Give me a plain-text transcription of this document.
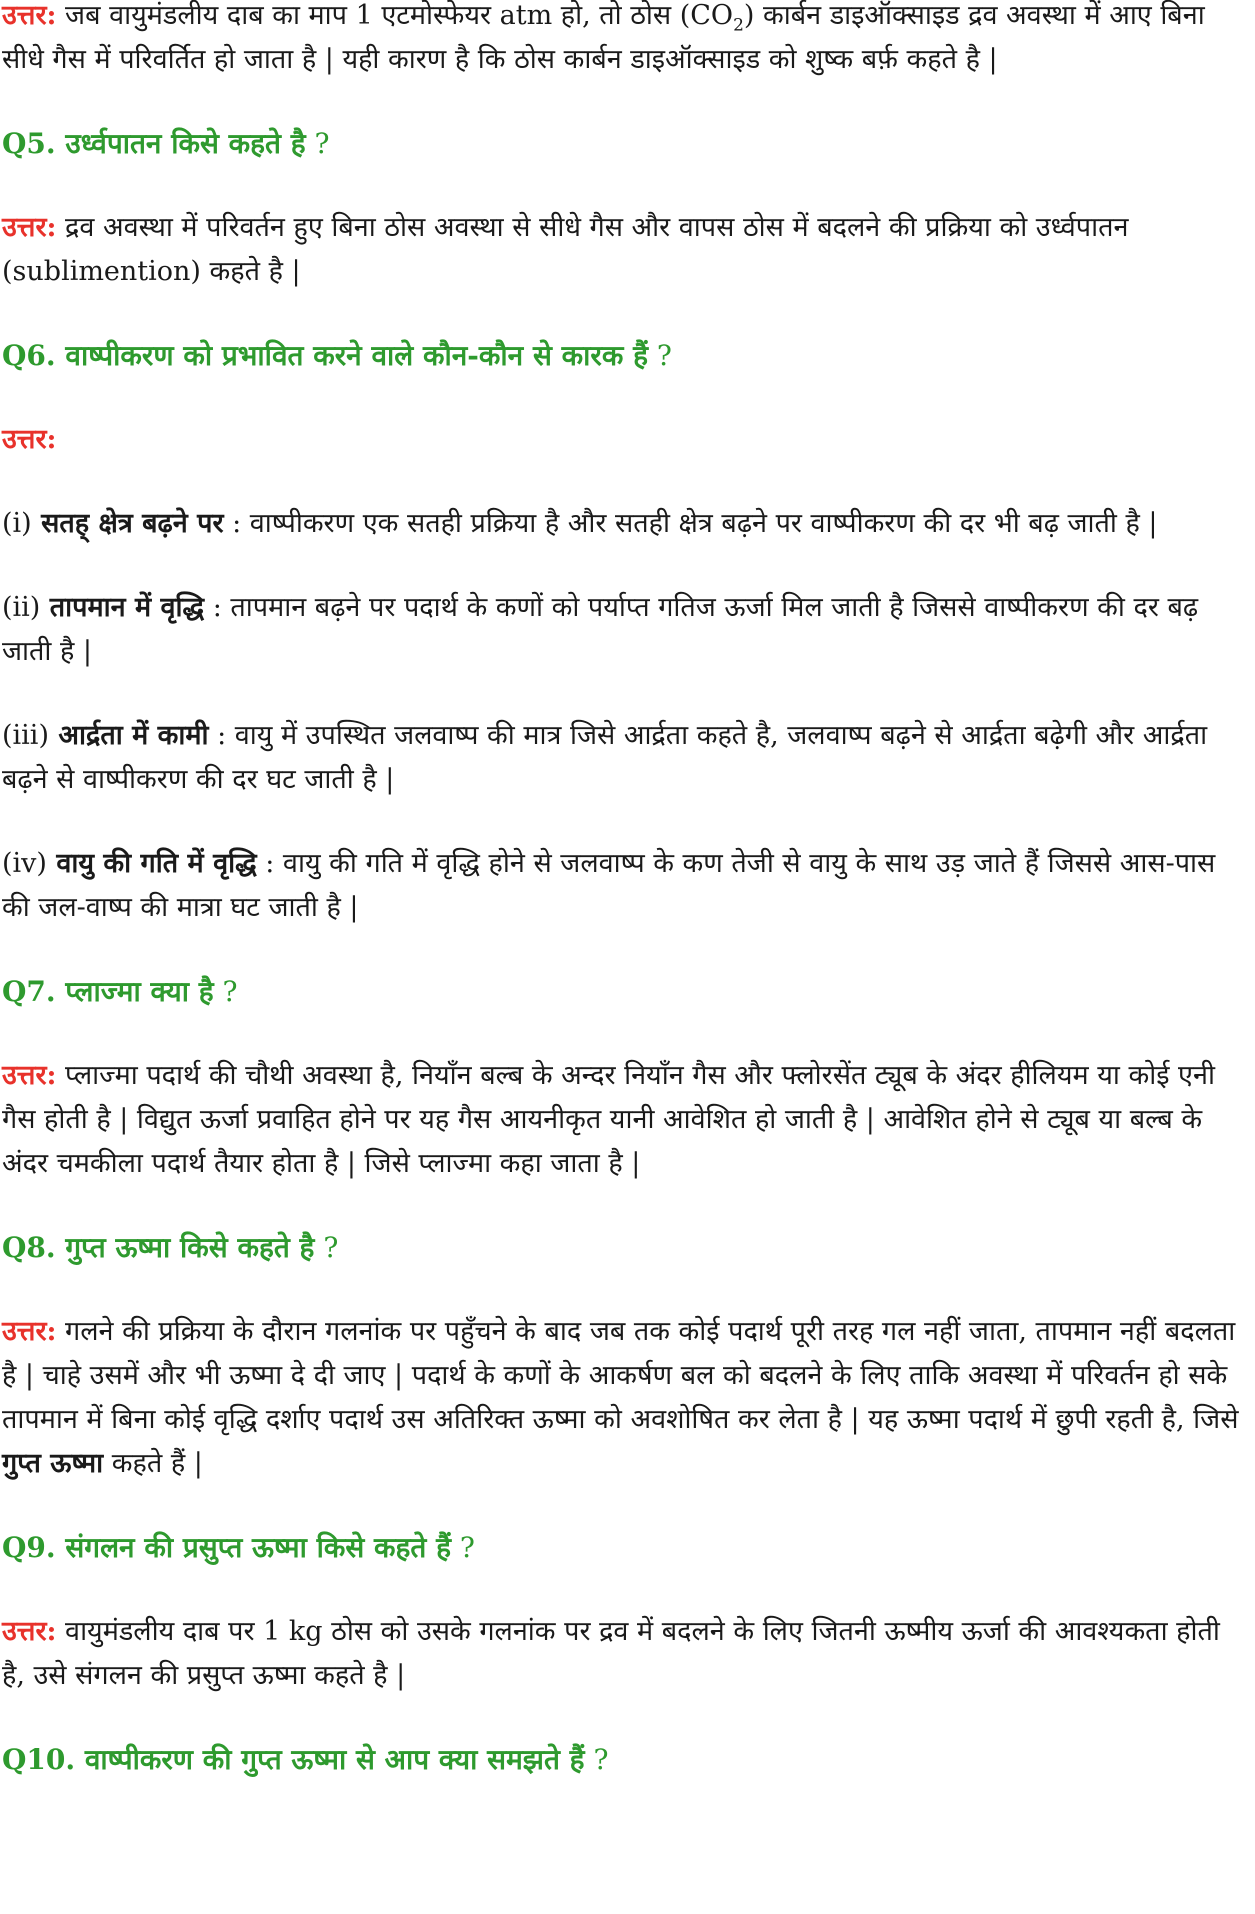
उत्तर: जब वायुमंडलीय दाब का माप 1 एटमोस्फेयर atm हो, तो ठोस $(CO_2)$ कार्बन डाइऑक्साइड द्रव अवस्था में आए बिना सीधे गैस में परिवर्तित हो जाता है | यही कारण है कि ठोस कार्बन डाइऑक्साइड को शुष्क बर्फ़ कहते है |

Q5. उर्ध्वपातन किसे कहते है ?

उत्तर: द्रव अवस्था में परिवर्तन हुए बिना ठोस अवस्था से सीधे गैस और वापस ठोस में बदलने की प्रक्रिया को उर्ध्वपातन (sublimention) कहते है |

Q6. वाष्पीकरण को प्रभावित करने वाले कौन-कौन से कारक हैं ?

उत्तर:

(i) सतह् क्षेत्र बढ़ने पर : वाष्पीकरण एक सतही प्रक्रिया है और सतही क्षेत्र बढ़ने पर वाष्पीकरण की दर भी बढ़ जाती है |

(ii) तापमान में वृद्धि : तापमान बढ़ने पर पदार्थ के कणों को पर्याप्त गतिज ऊर्जा मिल जाती है जिससे वाष्पीकरण की दर बढ़ जाती है |

(iii) आर्द्रता में कामी : वायु में उपस्थित जलवाष्प की मात्र जिसे आर्द्रता कहते है, जलवाष्प बढ़ने से आर्द्रता बढ़ेगी और आर्द्रता बढ़ने से वाष्पीकरण की दर घट जाती है |

(iv) वायु की गति में वृद्धि : वायु की गति में वृद्धि होने से जलवाष्प के कण तेजी से वायु के साथ उड़ जाते हैं जिससे आस-पास की जल-वाष्प की मात्रा घट जाती है |

Q7. प्लाज्मा क्या है ?

उत्तर: प्लाज्मा पदार्थ की चौथी अवस्था है, नियाँन बल्ब के अन्दर नियाँन गैस और फ्लोरसेंत ट्यूब के अंदर हीलियम या कोई एनी गैस होती है | विद्युत ऊर्जा प्रवाहित होने पर यह गैस आयनीकृत यानी आवेशित हो जाती है | आवेशित होने से ट्यूब या बल्ब के अंदर चमकीला पदार्थ तैयार होता है | जिसे प्लाज्मा कहा जाता है |

Q8. गुप्त ऊष्मा किसे कहते है ?

उत्तर: गलने की प्रक्रिया के दौरान गलनांक पर पहुँचने के बाद जब तक कोई पदार्थ पूरी तरह गल नहीं जाता, तापमान नहीं बदलता है | चाहे उसमें और भी ऊष्मा दे दी जाए | पदार्थ के कणों के आकर्षण बल को बदलने के लिए ताकि अवस्था में परिवर्तन हो सके तापमान में बिना कोई वृद्धि दर्शाए पदार्थ उस अतिरिक्त ऊष्मा को अवशोषित कर लेता है | यह ऊष्मा पदार्थ में छुपी रहती है, जिसे गुप्त ऊष्मा कहते हैं |

Q9. संगलन की प्रसुप्त ऊष्मा किसे कहते हैं ?

उत्तर: वायुमंडलीय दाब पर 1 kg ठोस को उसके गलनांक पर द्रव में बदलने के लिए जितनी ऊष्मीय ऊर्जा की आवश्यकता होती है, उसे संगलन की प्रसुप्त ऊष्मा कहते है |

Q10. वाष्पीकरण की गुप्त ऊष्मा से आप क्या समझते हैं ?
